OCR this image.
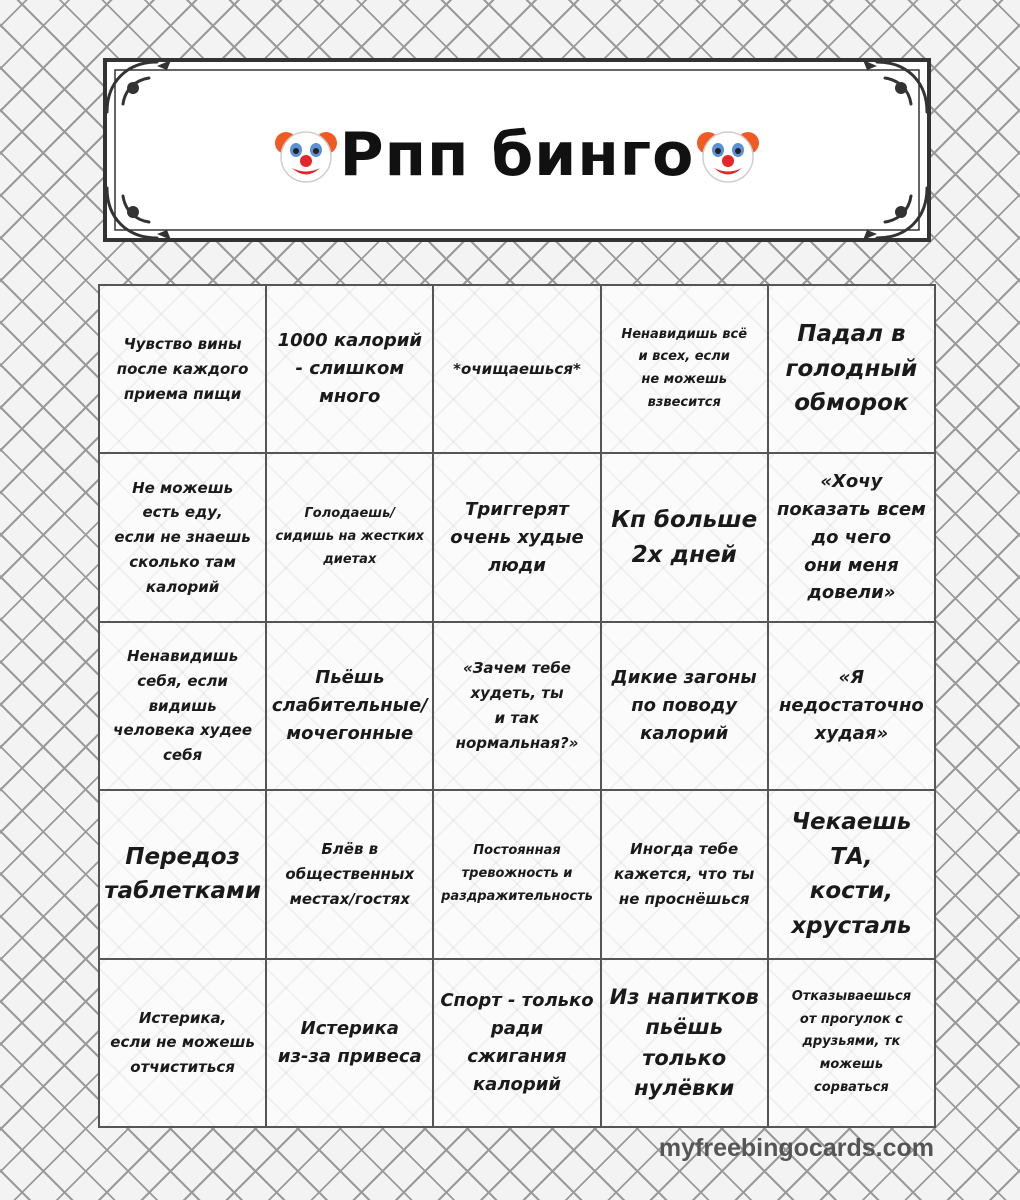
Рпп бинго
Чувство вины
после каждого
приема пищи
1000 калорий
- слишком
много
*очищаешься*
Ненавидишь всё
и всех, если
не можешь
взвесится
Падал в
голодный
обморок
Не можешь
есть еду,
если не знаешь
сколько там
калорий
Голодаешь/
сидишь на жестких
диетах
Триггерят
очень худые
люди
Кп больше
2х дней
«Хочу
показать всем
до чего
они меня
довели»
Ненавидишь
себя, если
видишь
человека худее
себя
Пьёшь
слабительные/
мочегонные
«Зачем тебе
худеть, ты
и так
нормальная?»
Дикие загоны
по поводу
калорий
«Я
недостаточно
худая»
Передоз
таблетками
Блёв в
общественных
местах/гостях
Постоянная
тревожность и
раздражительность
Иногда тебе
кажется, что ты
не проснёшься
Чекаешь ТА,
кости,
хрусталь
Истерика,
если не можешь
отчиститься
Истерика
из-за привеса
Спорт - только
ради
сжигания
калорий
Из напитков
пьёшь
только
нулёвки
Отказываешься
от прогулок с
друзьями, тк
можешь
сорваться
myfreebingocards.com
